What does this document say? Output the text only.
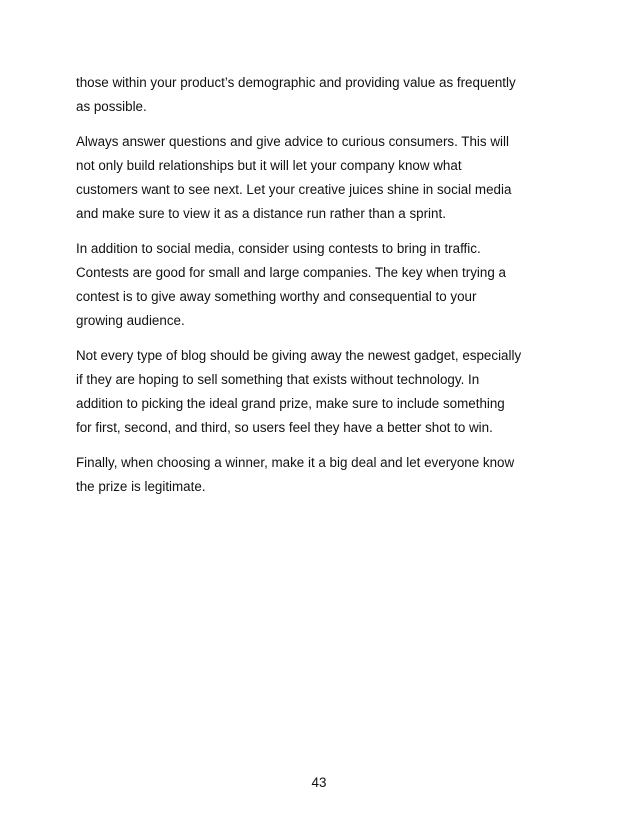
those within your product’s demographic and providing value as frequently
as possible.

Always answer questions and give advice to curious consumers. This will
not only build relationships but it will let your company know what
customers want to see next. Let your creative juices shine in social media
and make sure to view it as a distance run rather than a sprint.

In addition to social media, consider using contests to bring in traffic.
Contests are good for small and large companies. The key when trying a
contest is to give away something worthy and consequential to your
growing audience.

Not every type of blog should be giving away the newest gadget, especially
if they are hoping to sell something that exists without technology. In
addition to picking the ideal grand prize, make sure to include something
for first, second, and third, so users feel they have a better shot to win.

Finally, when choosing a winner, make it a big deal and let everyone know
the prize is legitimate.

43
